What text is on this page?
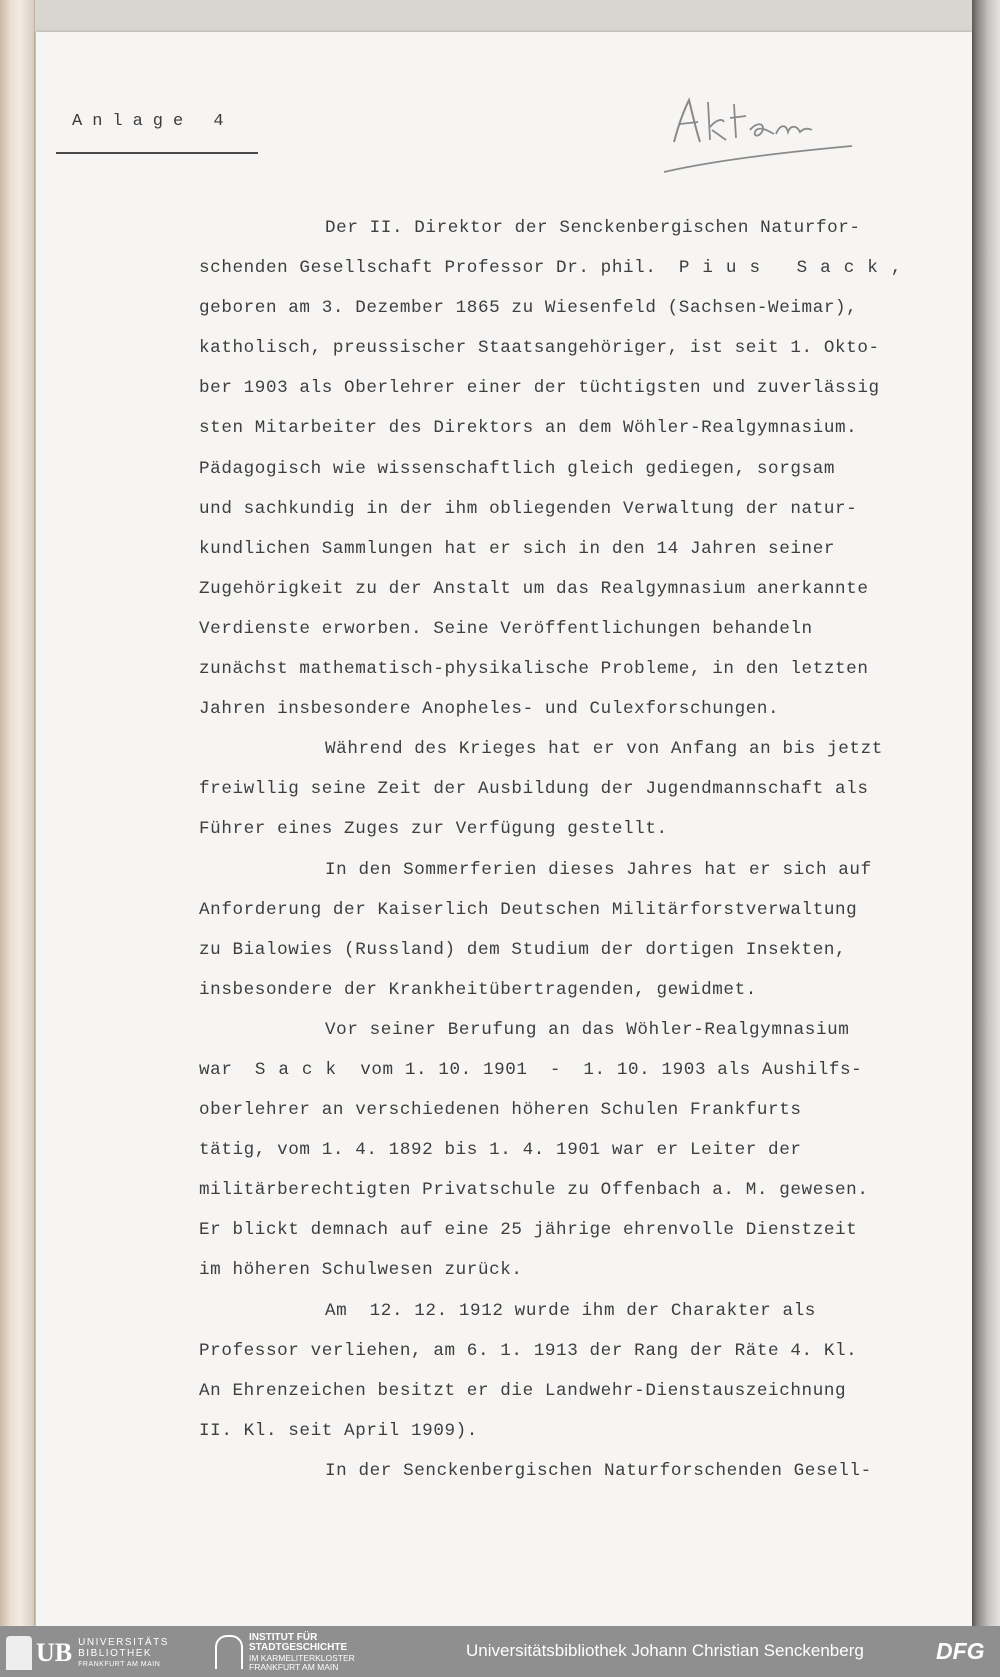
Anlage 4
Der II. Direktor der Senckenbergischen Naturfor-
schenden Gesellschaft Professor Dr. phil. Pius Sack,
geboren am 3. Dezember 1865 zu Wiesenfeld (Sachsen-Weimar),
katholisch, preussischer Staatsangehöriger, ist seit 1. Okto-
ber 1903 als Oberlehrer einer der tüchtigsten und zuverlässig
sten Mitarbeiter des Direktors an dem Wöhler-Realgymnasium.
Pädagogisch wie wissenschaftlich gleich gediegen, sorgsam
und sachkundig in der ihm obliegenden Verwaltung der natur-
kundlichen Sammlungen hat er sich in den 14 Jahren seiner
Zugehörigkeit zu der Anstalt um das Realgymnasium anerkannte
Verdienste erworben. Seine Veröffentlichungen behandeln
zunächst mathematisch-physikalische Probleme, in den letzten
Jahren insbesondere Anopheles- und Culexforschungen.
Während des Krieges hat er von Anfang an bis jetzt
freiwllig seine Zeit der Ausbildung der Jugendmannschaft als
Führer eines Zuges zur Verfügung gestellt.
In den Sommerferien dieses Jahres hat er sich auf
Anforderung der Kaiserlich Deutschen Militärforstverwaltung
zu Bialowies (Russland) dem Studium der dortigen Insekten,
insbesondere der Krankheitübertragenden, gewidmet.
Vor seiner Berufung an das Wöhler-Realgymnasium
war Sack vom 1. 10. 1901  -  1. 10. 1903 als Aushilfs-
oberlehrer an verschiedenen höheren Schulen Frankfurts
tätig, vom 1. 4. 1892 bis 1. 4. 1901 war er Leiter der
militärberechtigten Privatschule zu Offenbach a. M. gewesen.
Er blickt demnach auf eine 25 jährige ehrenvolle Dienstzeit
im höheren Schulwesen zurück.
Am  12. 12. 1912 wurde ihm der Charakter als
Professor verliehen, am 6. 1. 1913 der Rang der Räte 4. Kl.
An Ehrenzeichen besitzt er die Landwehr-Dienstauszeichnung
II. Kl. seit April 1909).
In der Senckenbergischen Naturforschenden Gesell-
UB UNIVERSITÄTS
BIBLIOTHEK
FRANKFURT AM MAIN
INSTITUT FÜR
STADTGESCHICHTE
IM KARMELITERKLOSTER
FRANKFURT AM MAIN
Universitätsbibliothek Johann Christian Senckenberg	DFG
